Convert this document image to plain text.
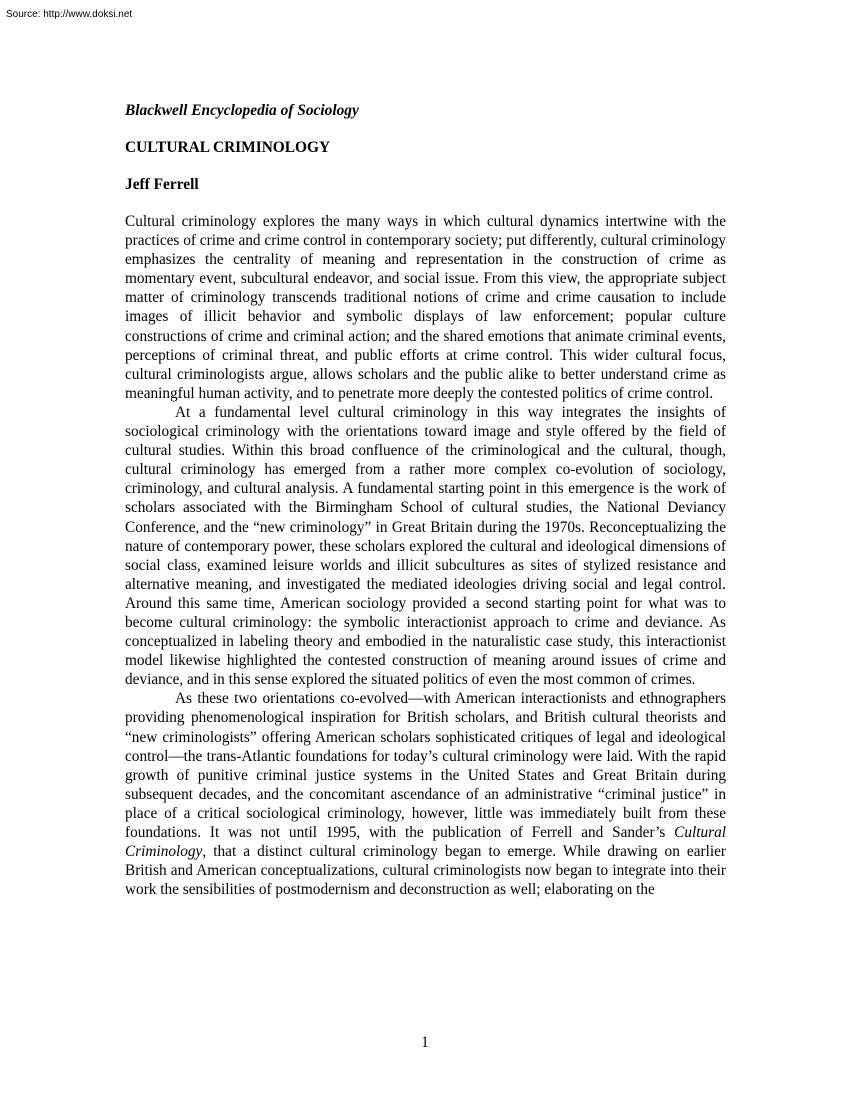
Source: http://www.doksi.net

Blackwell Encyclopedia of Sociology

CULTURAL CRIMINOLOGY

Jeff Ferrell

Cultural criminology explores the many ways in which cultural dynamics intertwine with the practices of crime and crime control in contemporary society; put differently, cultural criminology emphasizes the centrality of meaning and representation in the construction of crime as momentary event, subcultural endeavor, and social issue. From this view, the appropriate subject matter of criminology transcends traditional notions of crime and crime causation to include images of illicit behavior and symbolic displays of law enforcement; popular culture constructions of crime and criminal action; and the shared emotions that animate criminal events, perceptions of criminal threat, and public efforts at crime control. This wider cultural focus, cultural criminologists argue, allows scholars and the public alike to better understand crime as meaningful human activity, and to penetrate more deeply the contested politics of crime control.

At a fundamental level cultural criminology in this way integrates the insights of sociological criminology with the orientations toward image and style offered by the field of cultural studies. Within this broad confluence of the criminological and the cultural, though, cultural criminology has emerged from a rather more complex co-evolution of sociology, criminology, and cultural analysis. A fundamental starting point in this emergence is the work of scholars associated with the Birmingham School of cultural studies, the National Deviancy Conference, and the “new criminology” in Great Britain during the 1970s. Reconceptualizing the nature of contemporary power, these scholars explored the cultural and ideological dimensions of social class, examined leisure worlds and illicit subcultures as sites of stylized resistance and alternative meaning, and investigated the mediated ideologies driving social and legal control. Around this same time, American sociology provided a second starting point for what was to become cultural criminology: the symbolic interactionist approach to crime and deviance. As conceptualized in labeling theory and embodied in the naturalistic case study, this interactionist model likewise highlighted the contested construction of meaning around issues of crime and deviance, and in this sense explored the situated politics of even the most common of crimes.

As these two orientations co-evolved—with American interactionists and ethnographers providing phenomenological inspiration for British scholars, and British cultural theorists and “new criminologists” offering American scholars sophisticated critiques of legal and ideological control—the trans-Atlantic foundations for today’s cultural criminology were laid. With the rapid growth of punitive criminal justice systems in the United States and Great Britain during subsequent decades, and the concomitant ascendance of an administrative “criminal justice” in place of a critical sociological criminology, however, little was immediately built from these foundations. It was not until 1995, with the publication of Ferrell and Sander’s Cultural Criminology, that a distinct cultural criminology began to emerge. While drawing on earlier British and American conceptualizations, cultural criminologists now began to integrate into their work the sensibilities of postmodernism and deconstruction as well; elaborating on the

1
